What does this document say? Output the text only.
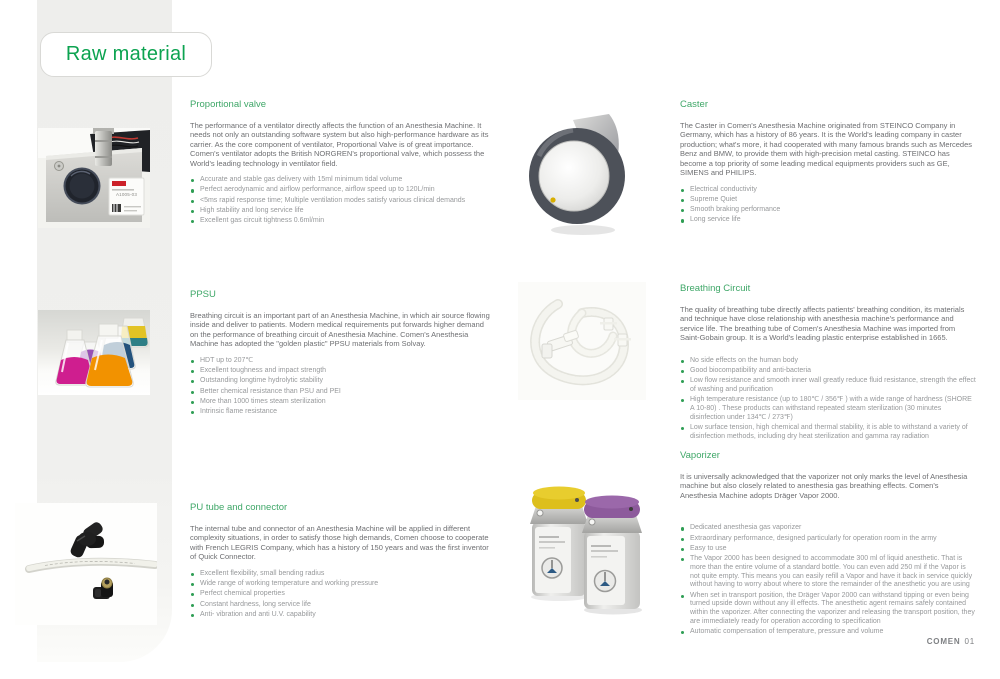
Raw material
A1005-03
Proportional valve

The performance of a ventilator directly affects the function of an Anesthesia Machine. It needs not only an outstanding software system but also high-performance hardware as its carrier. As the core component of ventilator, Proportional Valve is of great importance. Comen's ventilator adopts the British NORGREN's proportional valve, which possess the World's leading technology in ventilator field.

Accurate and stable gas delivery with 15ml minimum tidal volume
Perfect aerodynamic and airflow performance, airflow speed up to 120L/min
<5ms rapid response time; Multiple ventilation modes satisfy various clinical demands
High stability and long service life
Excellent gas circuit tightness 0.6ml/min
PPSU

Breathing circuit is an important part of an Anesthesia Machine, in which air source flowing inside and deliver to patients. Modern medical requirements put forwards higher demand on the performance of breathing circuit of Anesthesia Machine. Comen's Anesthesia Machine has adopted the "golden plastic" PPSU materials from Solvay.

HDT up to 207℃
Excellent toughness and impact strength
Outstanding longtime hydrolytic stability
Better chemical resistance than PSU and PEI
More than 1000 times steam sterilization
Intrinsic flame resistance
PU tube and connector

The internal tube and connector of an Anesthesia Machine will be applied in different complexity situations, in order to satisfy those high demands, Comen choose to cooperate with French LEGRIS Company, which has a history of 150 years and was the first inventor of Quick Connector.

Excellent flexibility, small bending radius
Wide range of working temperature and working pressure
Perfect chemical properties
Constant hardness, long service life
Anti- vibration and anti U.V. capability
Caster

The Caster in Comen's Anesthesia Machine originated from STEINCO Company in Germany, which has a history of 86 years. It is the World's leading company in caster production; what's more, it had cooperated with many famous brands such as Mercedes Benz and BMW, to provide them with high-precision metal casting. STEINCO has become a top priority of some leading medical equipments providers such as GE, SIMENS and PHILIPS.

Electrical conductivity
Supreme Quiet
Smooth braking performance
Long service life
Breathing Circuit

The quality of breathing tube directly affects patients' breathing condition, its materials and technique have close relationship with anesthesia machine's performance and service life. The breathing tube of Comen's Anesthesia Machine was imported from Saint-Gobain group. It is a World's leading plastic enterprise established in 1665.

No side effects on the human body
Good biocompatibility and anti-bacteria
Low flow resistance and smooth inner wall greatly reduce fluid resistance, strength the effect of washing and purification
High temperature resistance (up to 180℃ / 356℉ ) with a wide range of hardness (SHORE A 10-80) . These products can withstand repeated steam sterilization (30 minutes disinfection under 134℃ / 273℉)
Low surface tension, high chemical and thermal stability, it is able to withstand a variety of disinfection methods, including dry heat sterilization and gamma ray radiation
Vaporizer

It is universally acknowledged that the vaporizer not only marks the level of Anesthesia machine but also closely related to anesthesia gas breathing effects. Comen's Anesthesia Machine adopts Dräger Vapor 2000.

Dedicated anesthesia gas vaporizer
Extraordinary performance, designed particularly for operation room in the army
Easy to use
The Vapor 2000 has been designed to accommodate 300 ml of liquid anesthetic. That is more than the entire volume of a standard bottle. You can even add 250 ml if the Vapor is not quite empty. This means you can easily refill a Vapor and have it back in service quickly without having to worry about where to store the remainder of the anesthetic you are using
When set in transport position, the Dräger Vapor 2000 can withstand tipping or even being turned upside down without any ill effects. The anesthetic agent remains safely contained within the vaporizer. After connecting the vaporizer and releasing the transport position, they are immediately ready for operation according to specification
Automatic compensation of temperature, pressure and volume
COMEN 01
